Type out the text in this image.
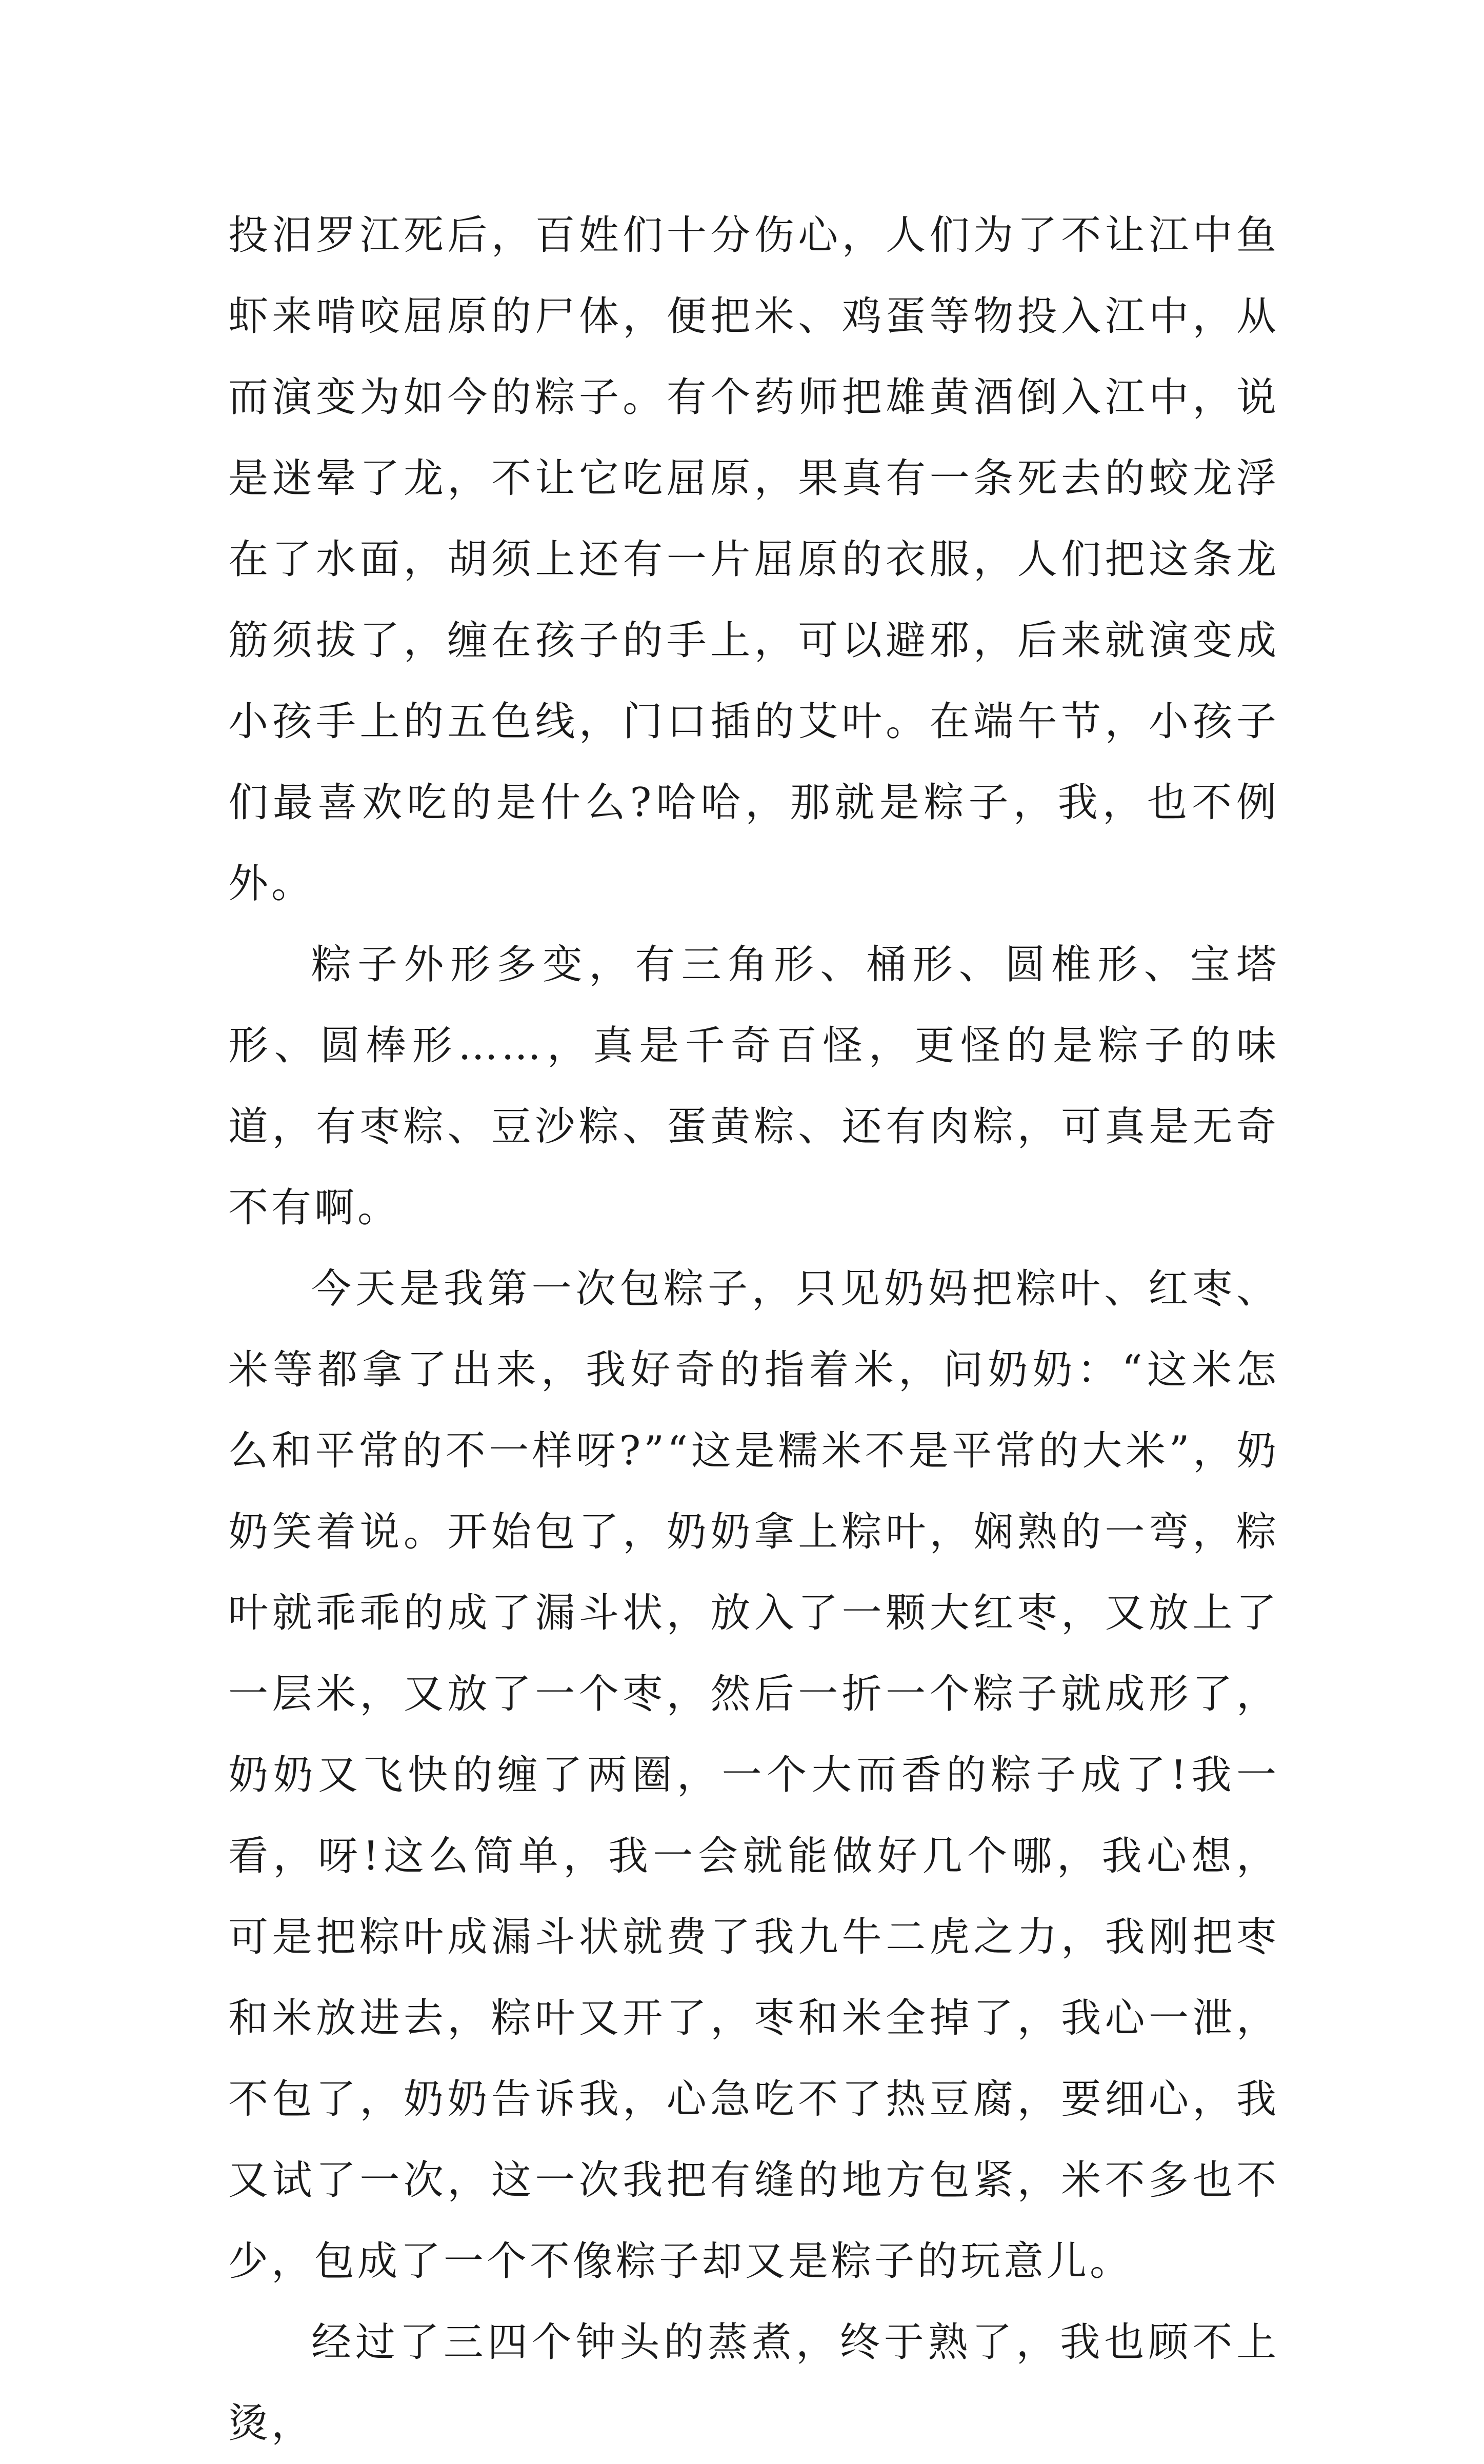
投汨罗江死后，百姓们十分伤心，人们为了不让江中鱼虾来啃咬屈原的尸体，便把米、鸡蛋等物投入江中，从而演变为如今的粽子。有个药师把雄黄酒倒入江中，说是迷晕了龙，不让它吃屈原，果真有一条死去的蛟龙浮在了水面，胡须上还有一片屈原的衣服，人们把这条龙筋须拔了，缠在孩子的手上，可以避邪，后来就演变成小孩手上的五色线，门口插的艾叶。在端午节，小孩子们最喜欢吃的是什么?哈哈，那就是粽子，我，也不例外。

粽子外形多变，有三角形、桶形、圆椎形、宝塔形、圆棒形……，真是千奇百怪，更怪的是粽子的味道，有枣粽、豆沙粽、蛋黄粽、还有肉粽，可真是无奇不有啊。

今天是我第一次包粽子，只见奶妈把粽叶、红枣、米等都拿了出来，我好奇的指着米，问奶奶：“这米怎么和平常的不一样呀?”“这是糯米不是平常的大米”，奶奶笑着说。开始包了，奶奶拿上粽叶，娴熟的一弯，粽叶就乖乖的成了漏斗状，放入了一颗大红枣，又放上了一层米，又放了一个枣，然后一折一个粽子就成形了，奶奶又飞快的缠了两圈，一个大而香的粽子成了!我一看，呀!这么简单，我一会就能做好几个哪，我心想，可是把粽叶成漏斗状就费了我九牛二虎之力，我刚把枣和米放进去，粽叶又开了，枣和米全掉了，我心一泄，不包了，奶奶告诉我，心急吃不了热豆腐，要细心，我又试了一次，这一次我把有缝的地方包紧，米不多也不少，包成了一个不像粽子却又是粽子的玩意儿。

经过了三四个钟头的蒸煮，终于熟了，我也顾不上烫，
